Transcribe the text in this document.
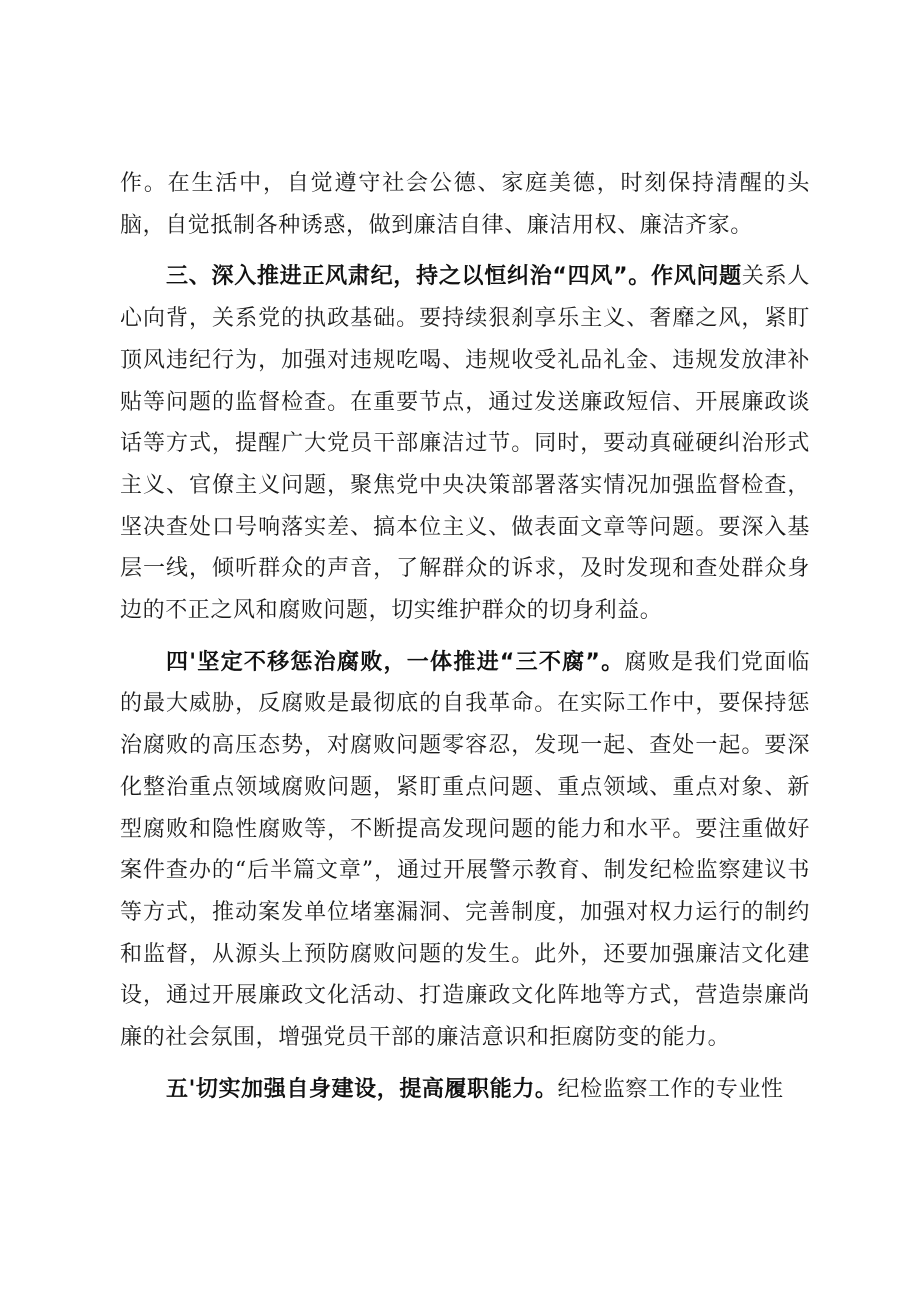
作。在生活中，自觉遵守社会公德、家庭美德，时刻保持清醒的头脑，自觉抵制各种诱惑，做到廉洁自律、廉洁用权、廉洁齐家。

三、深入推进正风肃纪，持之以恒纠治“四风”。作风问题关系人心向背，关系党的执政基础。要持续狠刹享乐主义、奢靡之风，紧盯顶风违纪行为，加强对违规吃喝、违规收受礼品礼金、违规发放津补贴等问题的监督检查。在重要节点，通过发送廉政短信、开展廉政谈话等方式，提醒广大党员干部廉洁过节。同时，要动真碰硬纠治形式主义、官僚主义问题，聚焦党中央决策部署落实情况加强监督检查，坚决查处口号响落实差、搞本位主义、做表面文章等问题。要深入基层一线，倾听群众的声音，了解群众的诉求，及时发现和查处群众身边的不正之风和腐败问题，切实维护群众的切身利益。

四'坚定不移惩治腐败，一体推进“三不腐”。腐败是我们党面临的最大威胁，反腐败是最彻底的自我革命。在实际工作中，要保持惩治腐败的高压态势，对腐败问题零容忍，发现一起、查处一起。要深化整治重点领域腐败问题，紧盯重点问题、重点领域、重点对象、新型腐败和隐性腐败等，不断提高发现问题的能力和水平。要注重做好案件查办的“后半篇文章”，通过开展警示教育、制发纪检监察建议书等方式，推动案发单位堵塞漏洞、完善制度，加强对权力运行的制约和监督，从源头上预防腐败问题的发生。此外，还要加强廉洁文化建设，通过开展廉政文化活动、打造廉政文化阵地等方式，营造崇廉尚廉的社会氛围，增强党员干部的廉洁意识和拒腐防变的能力。

五'切实加强自身建设，提高履职能力。纪检监察工作的专业性
